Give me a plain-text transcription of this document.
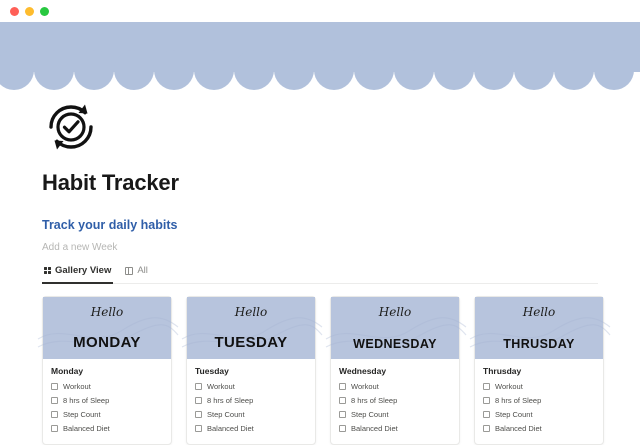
Habit Tracker
Track your daily habits
Add a new Week
Gallery View	All
Hello
MONDAY
Monday
Workout
8 hrs of Sleep
Step Count
Balanced Diet
Hello
TUESDAY
Tuesday
Workout
8 hrs of Sleep
Step Count
Balanced Diet
Hello
WEDNESDAY
Wednesday
Workout
8 hrs of Sleep
Step Count
Balanced Diet
Hello
THRUSDAY
Thrusday
Workout
8 hrs of Sleep
Step Count
Balanced Diet
